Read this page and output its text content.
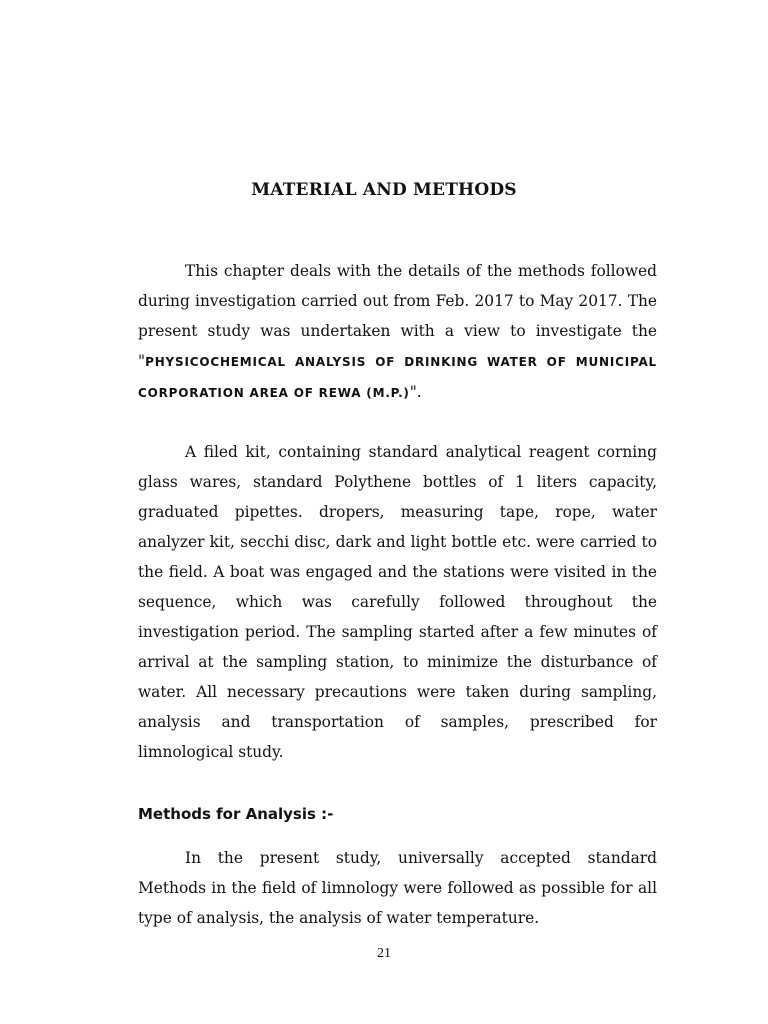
MATERIAL AND METHODS

This chapter deals with the details of the methods followed during investigation carried out from Feb. 2017 to May 2017. The present study was undertaken with a view to investigate the "PHYSICOCHEMICAL ANALYSIS OF DRINKING WATER OF MUNICIPAL CORPORATION AREA OF REWA (M.P.)".

A filed kit, containing standard analytical reagent corning glass wares, standard Polythene bottles of 1 liters capacity, graduated pipettes. dropers, measuring tape, rope, water analyzer kit, secchi disc, dark and light bottle etc. were carried to the field. A boat was engaged and the stations were visited in the sequence, which was carefully followed throughout the investigation period. The sampling started after a few minutes of arrival at the sampling station, to minimize the disturbance of water. All necessary precautions were taken during sampling, analysis and transportation of samples, prescribed for limnological study.

Methods for Analysis :-

In the present study, universally accepted standard Methods in the field of limnology were followed as possible for all type of analysis, the analysis of water temperature.

21
